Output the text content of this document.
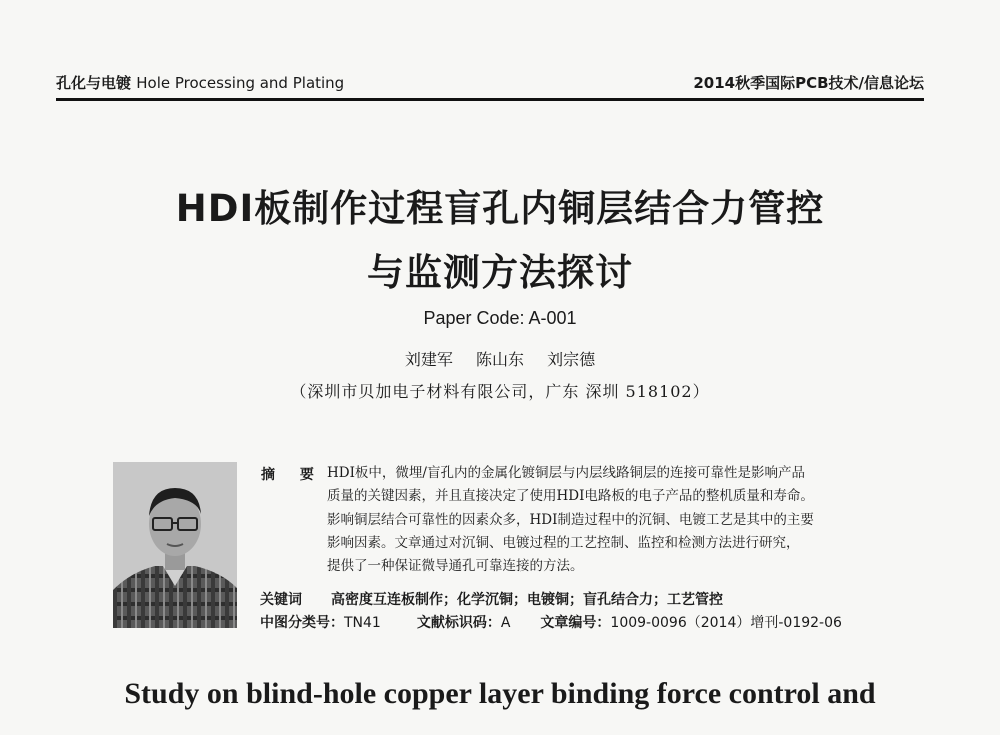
孔化与电镀 Hole Processing and Plating	2014秋季国际PCB技术/信息论坛
HDI板制作过程盲孔内铜层结合力管控
与监测方法探讨
Paper Code: A-001
刘建军 陈山东 刘宗德
（深圳市贝加电子材料有限公司，广东 深圳 518102）
摘 要 HDI板中，微埋/盲孔内的金属化镀铜层与内层线路铜层的连接可靠性是影响产品
质量的关键因素，并且直接决定了使用HDI电路板的电子产品的整机质量和寿命。
影响铜层结合可靠性的因素众多，HDI制造过程中的沉铜、电镀工艺是其中的主要
影响因素。文章通过对沉铜、电镀过程的工艺控制、监控和检测方法进行研究，
提供了一种保证微导通孔可靠连接的方法。
关键词 高密度互连板制作；化学沉铜；电镀铜；盲孔结合力；工艺管控
中图分类号：TN41	文献标识码：A 文章编号：1009-0096（2014）增刊-0192-06
Study on blind-hole copper layer binding force control and
